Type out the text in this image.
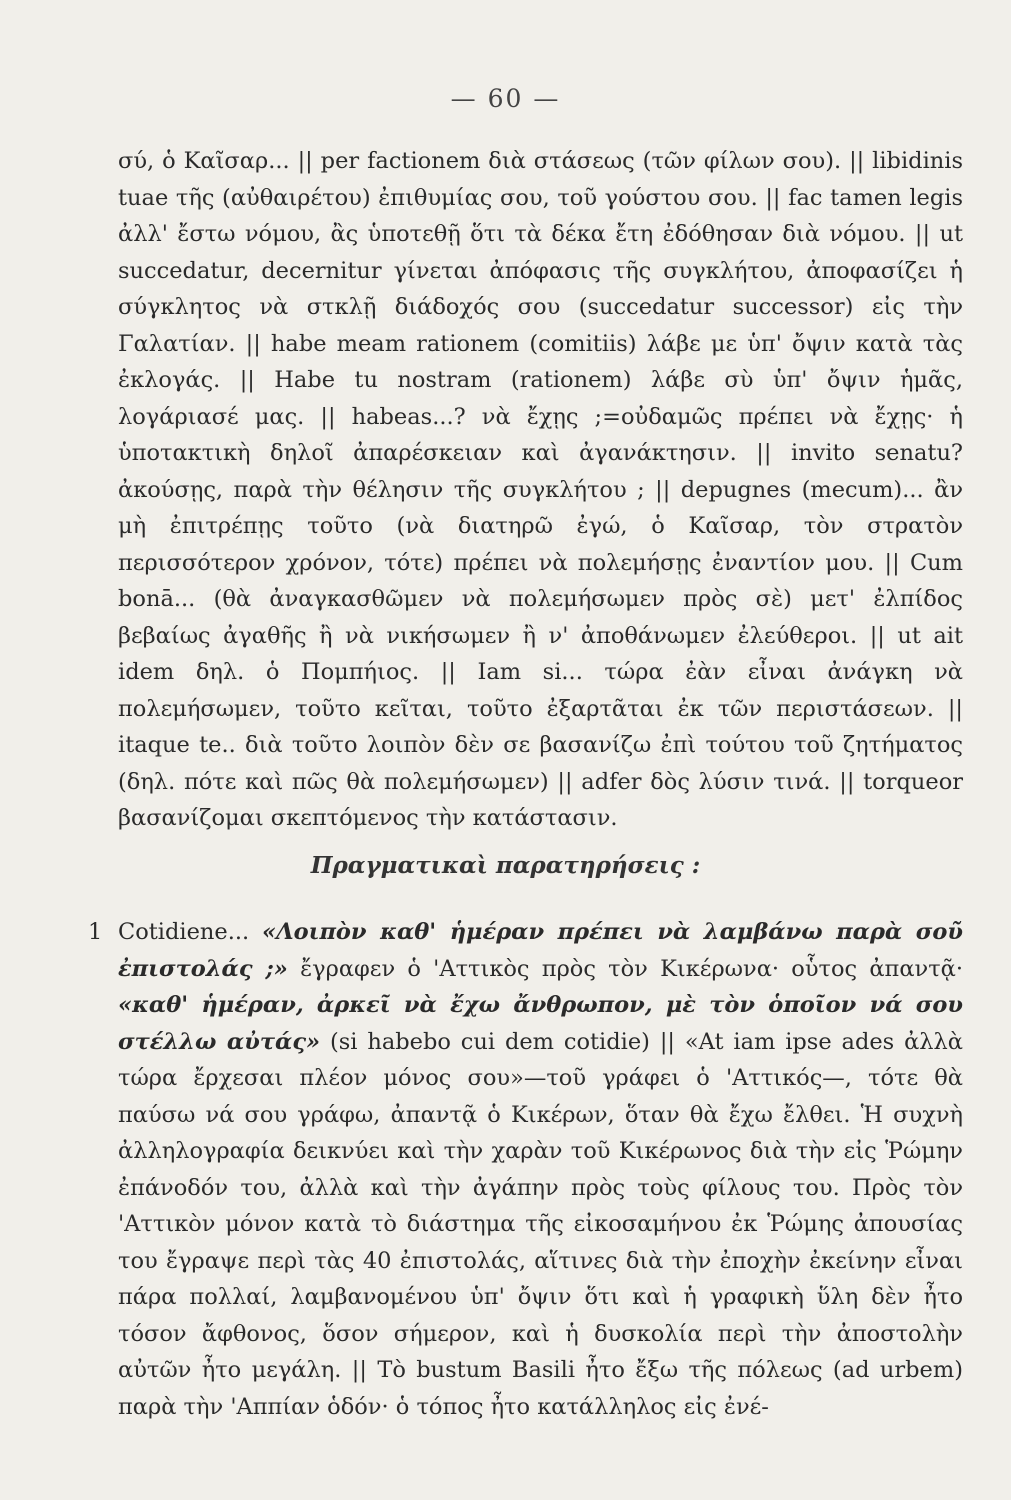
— 60 —

σύ, ὁ Καῖσαρ... || per factionem διὰ στάσεως (τῶν φίλων σου). || libidinis tuae τῆς (αὐθαιρέτου) ἐπιθυμίας σου, τοῦ γούστου σου. || fac tamen legis ἀλλ' ἔστω νόμου, ἂς ὑποτεθῇ ὅτι τὰ δέκα ἔτη ἐδόθησαν διὰ νόμου. || ut succedatur, decernitur γίνεται ἀπόφασις τῆς συγκλήτου, ἀποφασίζει ἡ σύγκλητος νὰ στκλῇ διάδοχός σου (succedatur successor) εἰς τὴν Γαλατίαν. || habe meam rationem (comitiis) λάβε με ὑπ' ὄψιν κατὰ τὰς ἐκλογάς. || Habe tu nostram (rationem) λάβε σὺ ὑπ' ὄψιν ἡμᾶς, λογάριασέ μας. || habeas...? νὰ ἔχῃς ;=οὐδαμῶς πρέπει νὰ ἔχῃς· ἡ ὑποτακτικὴ δηλοῖ ἀπαρέσκειαν καὶ ἀγανάκτησιν. || invito senatu? ἀκούσῃς, παρὰ τὴν θέλησιν τῆς συγκλήτου ; || depugnes (mecum)... ἂν μὴ ἐπιτρέπῃς τοῦτο (νὰ διατηρῶ ἐγώ, ὁ Καῖσαρ, τὸν στρατὸν περισσότερον χρόνον, τότε) πρέπει νὰ πολεμήσῃς ἐναντίον μου. || Cum bonā... (θὰ ἀναγκασθῶμεν νὰ πολεμήσωμεν πρὸς σὲ) μετ' ἐλπίδος βεβαίως ἀγαθῆς ἢ νὰ νικήσωμεν ἢ ν' ἀποθάνωμεν ἐλεύθεροι. || ut ait idem δηλ. ὁ Πομπήιος. || Iam si... τώρα ἐὰν εἶναι ἀνάγκη νὰ πολεμήσωμεν, τοῦτο κεῖται, τοῦτο ἐξαρτᾶται ἐκ τῶν περιστάσεων. || itaque te.. διὰ τοῦτο λοιπὸν δὲν σε βασανίζω ἐπὶ τούτου τοῦ ζητήματος (δηλ. πότε καὶ πῶς θὰ πολεμήσωμεν) || adfer δὸς λύσιν τινά. || torqueor βασανίζομαι σκεπτόμενος τὴν κατάστασιν.

Πραγματικαὶ παρατηρήσεις :
1 Cotidiene... «Λοιπὸν καθ' ἡμέραν πρέπει νὰ λαμβάνω παρὰ σοῦ ἐπιστολάς ;» ἔγραφεν ὁ 'Αττικὸς πρὸς τὸν Κικέρωνα· οὗτος ἀπαντᾷ· «καθ' ἡμέραν, ἀρκεῖ νὰ ἔχω ἄνθρωπον, μὲ τὸν ὁποῖον νά σου στέλλω αὐτάς» (si habebo cui dem cotidie) || «At iam ipse ades ἀλλὰ τώρα ἔρχεσαι πλέον μόνος σου»—τοῦ γράφει ὁ 'Αττικός—, τότε θὰ παύσω νά σου γράφω, ἀπαντᾷ ὁ Κικέρων, ὅταν θὰ ἔχω ἔλθει. Ἡ συχνὴ ἀλληλογραφία δεικνύει καὶ τὴν χαρὰν τοῦ Κικέρωνος διὰ τὴν εἰς Ῥώμην ἐπάνοδόν του, ἀλλὰ καὶ τὴν ἀγάπην πρὸς τοὺς φίλους του. Πρὸς τὸν 'Αττικὸν μόνον κατὰ τὸ διάστημα τῆς εἰκοσαμήνου ἐκ Ῥώμης ἀπουσίας του ἔγραψε περὶ τὰς 40 ἐπιστολάς, αἵτινες διὰ τὴν ἐποχὴν ἐκείνην εἶναι πάρα πολλαί, λαμβανομένου ὑπ' ὄψιν ὅτι καὶ ἡ γραφικὴ ὕλη δὲν ἦτο τόσον ἄφθονος, ὅσον σήμερον, καὶ ἡ δυσκολία περὶ τὴν ἀποστολὴν αὐτῶν ἦτο μεγάλη. || Τὸ bustum Basili ἦτο ἔξω τῆς πόλεως (ad urbem) παρὰ τὴν 'Αππίαν ὁδόν· ὁ τόπος ἦτο κατάλληλος εἰς ἐνέ-
